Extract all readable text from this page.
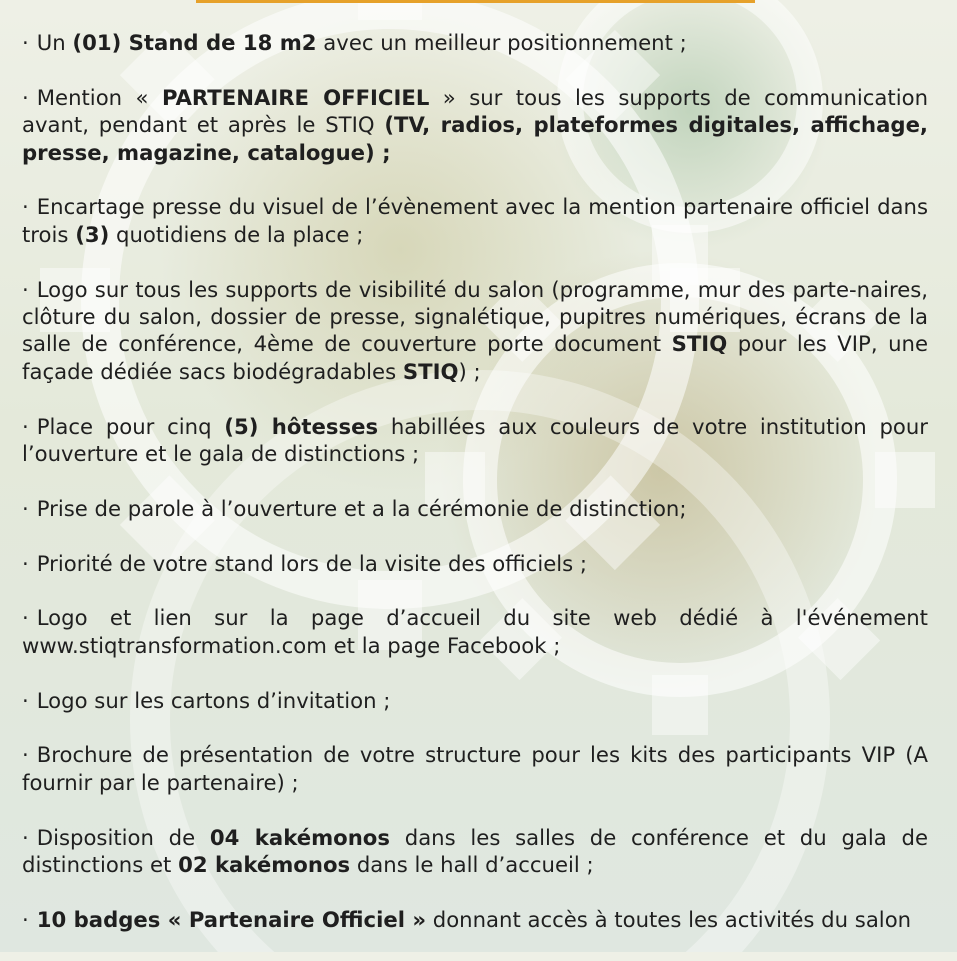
· Un (01) Stand de 18 m2 avec un meilleur positionnement ;

· Mention « PARTENAIRE OFFICIEL » sur tous les supports de communication avant, pendant et après le STIQ (TV, radios, plateformes digitales, affichage, presse, magazine, catalogue) ;

· Encartage presse du visuel de l’évènement avec la mention partenaire officiel dans trois (3) quotidiens de la place ;

· Logo sur tous les supports de visibilité du salon (programme, mur des parte-naires, clôture du salon, dossier de presse, signalétique, pupitres numériques, écrans de la salle de conférence, 4ème de couverture porte document STIQ pour les VIP, une façade dédiée sacs biodégradables STIQ) ;

· Place pour cinq (5) hôtesses habillées aux couleurs de votre institution pour l’ouverture et le gala de distinctions ;

· Prise de parole à l’ouverture et a la cérémonie de distinction;

· Priorité de votre stand lors de la visite des officiels ;

· Logo et lien sur la page d’accueil du site web dédié à l'événement www.stiqtransformation.com et la page Facebook ;

· Logo sur les cartons d’invitation ;

· Brochure de présentation de votre structure pour les kits des participants VIP (A fournir par le partenaire) ;

· Disposition de 04 kakémonos dans les salles de conférence et du gala de distinctions et 02 kakémonos dans le hall d’accueil ;

· 10 badges « Partenaire Officiel » donnant accès à toutes les activités du salon
